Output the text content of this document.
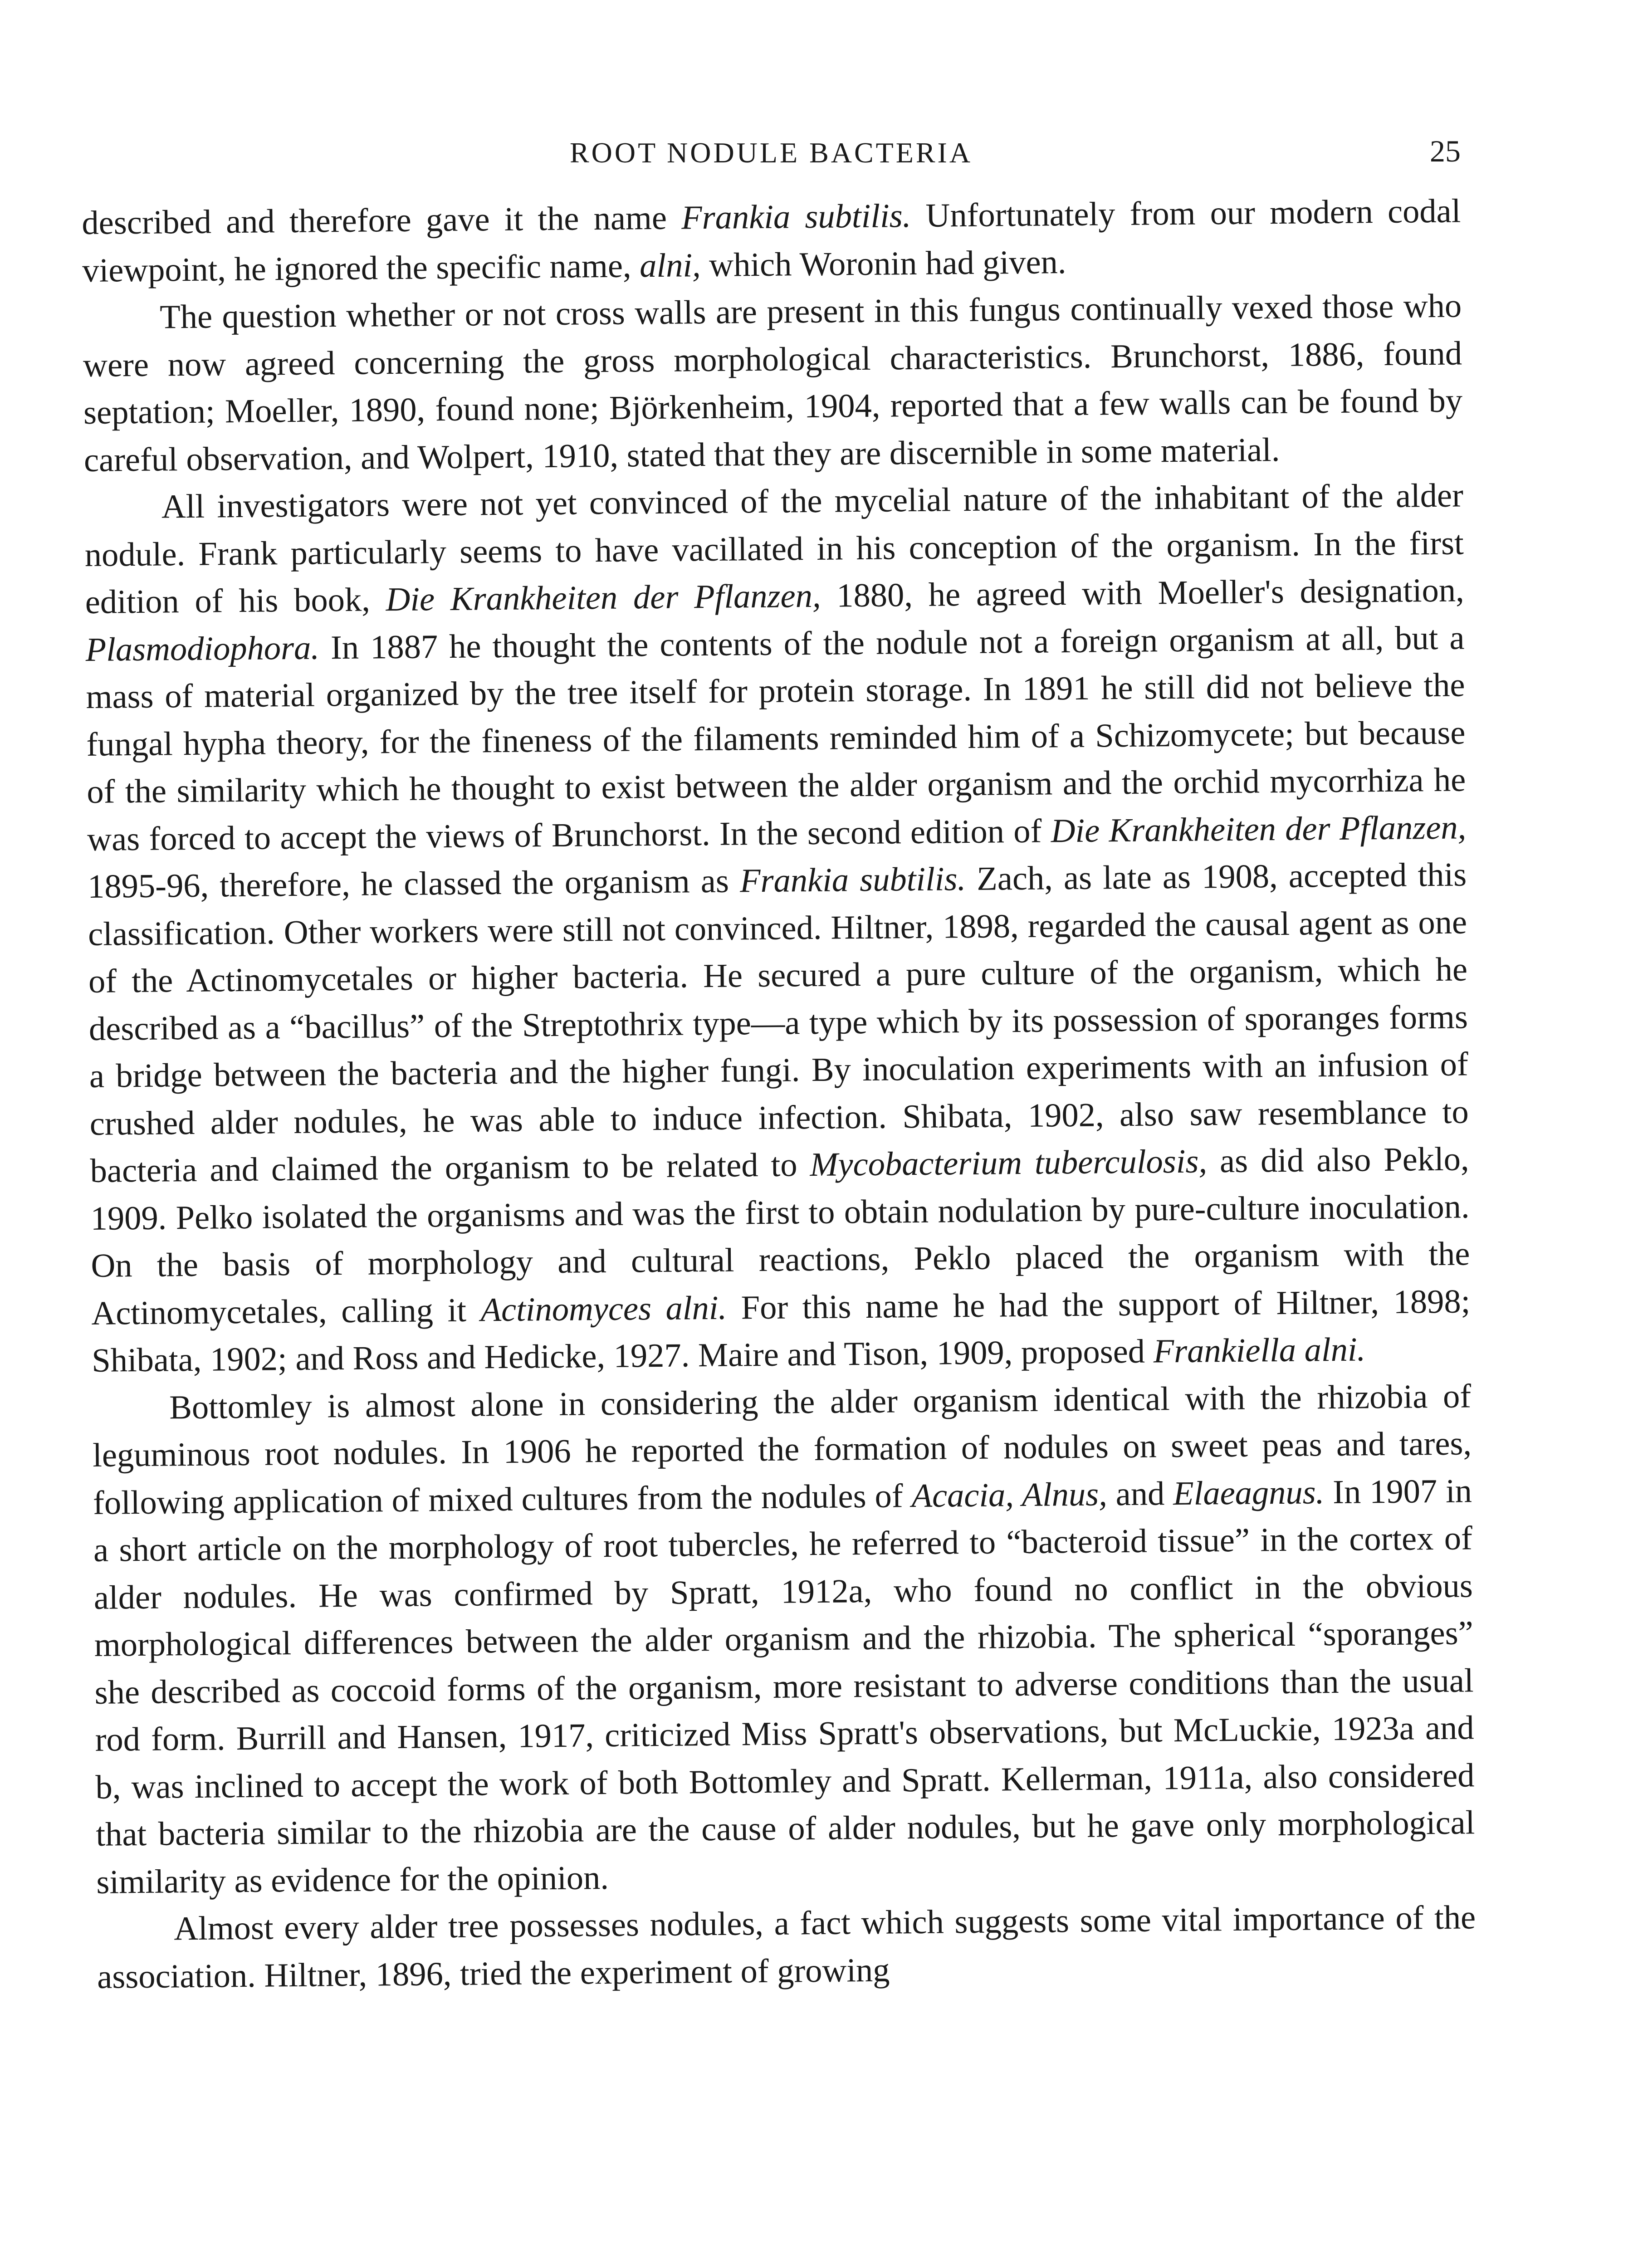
ROOT NODULE BACTERIA	25

described and therefore gave it the name Frankia subtilis. Unfortunately from our modern codal viewpoint, he ignored the specific name, alni, which Woronin had given.

The question whether or not cross walls are present in this fungus continually vexed those who were now agreed concerning the gross morphological characteristics. Brunchorst, 1886, found septation; Moeller, 1890, found none; Björkenheim, 1904, reported that a few walls can be found by careful observation, and Wolpert, 1910, stated that they are discernible in some material.

All investigators were not yet convinced of the mycelial nature of the inhabitant of the alder nodule. Frank particularly seems to have vacillated in his conception of the organism. In the first edition of his book, Die Krankheiten der Pflanzen, 1880, he agreed with Moeller's designation, Plasmodiophora. In 1887 he thought the contents of the nodule not a foreign organism at all, but a mass of material organized by the tree itself for protein storage. In 1891 he still did not believe the fungal hypha theory, for the fineness of the filaments reminded him of a Schizomycete; but because of the similarity which he thought to exist between the alder organism and the orchid mycorrhiza he was forced to accept the views of Brunchorst. In the second edition of Die Krankheiten der Pflanzen, 1895-96, therefore, he classed the organism as Frankia subtilis. Zach, as late as 1908, accepted this classification. Other workers were still not convinced. Hiltner, 1898, regarded the causal agent as one of the Actinomycetales or higher bacteria. He secured a pure culture of the organism, which he described as a “bacillus” of the Streptothrix type—a type which by its possession of sporanges forms a bridge between the bacteria and the higher fungi. By inoculation experiments with an infusion of crushed alder nodules, he was able to induce infection. Shibata, 1902, also saw resemblance to bacteria and claimed the organism to be related to Mycobacterium tuberculosis, as did also Peklo, 1909. Pelko isolated the organisms and was the first to obtain nodulation by pure-culture inoculation. On the basis of morphology and cultural reactions, Peklo placed the organism with the Actinomycetales, calling it Actinomyces alni. For this name he had the support of Hiltner, 1898; Shibata, 1902; and Ross and Hedicke, 1927. Maire and Tison, 1909, proposed Frankiella alni.

Bottomley is almost alone in considering the alder organism identical with the rhizobia of leguminous root nodules. In 1906 he reported the formation of nodules on sweet peas and tares, following application of mixed cultures from the nodules of Acacia, Alnus, and Elaeagnus. In 1907 in a short article on the morphology of root tubercles, he referred to “bacteroid tissue” in the cortex of alder nodules. He was confirmed by Spratt, 1912a, who found no conflict in the obvious morphological differences between the alder organism and the rhizobia. The spherical “sporanges” she described as coccoid forms of the organism, more resistant to adverse conditions than the usual rod form. Burrill and Hansen, 1917, criticized Miss Spratt's observations, but McLuckie, 1923a and b, was inclined to accept the work of both Bottomley and Spratt. Kellerman, 1911a, also considered that bacteria similar to the rhizobia are the cause of alder nodules, but he gave only morphological similarity as evidence for the opinion.

Almost every alder tree possesses nodules, a fact which suggests some vital importance of the association. Hiltner, 1896, tried the experiment of growing
